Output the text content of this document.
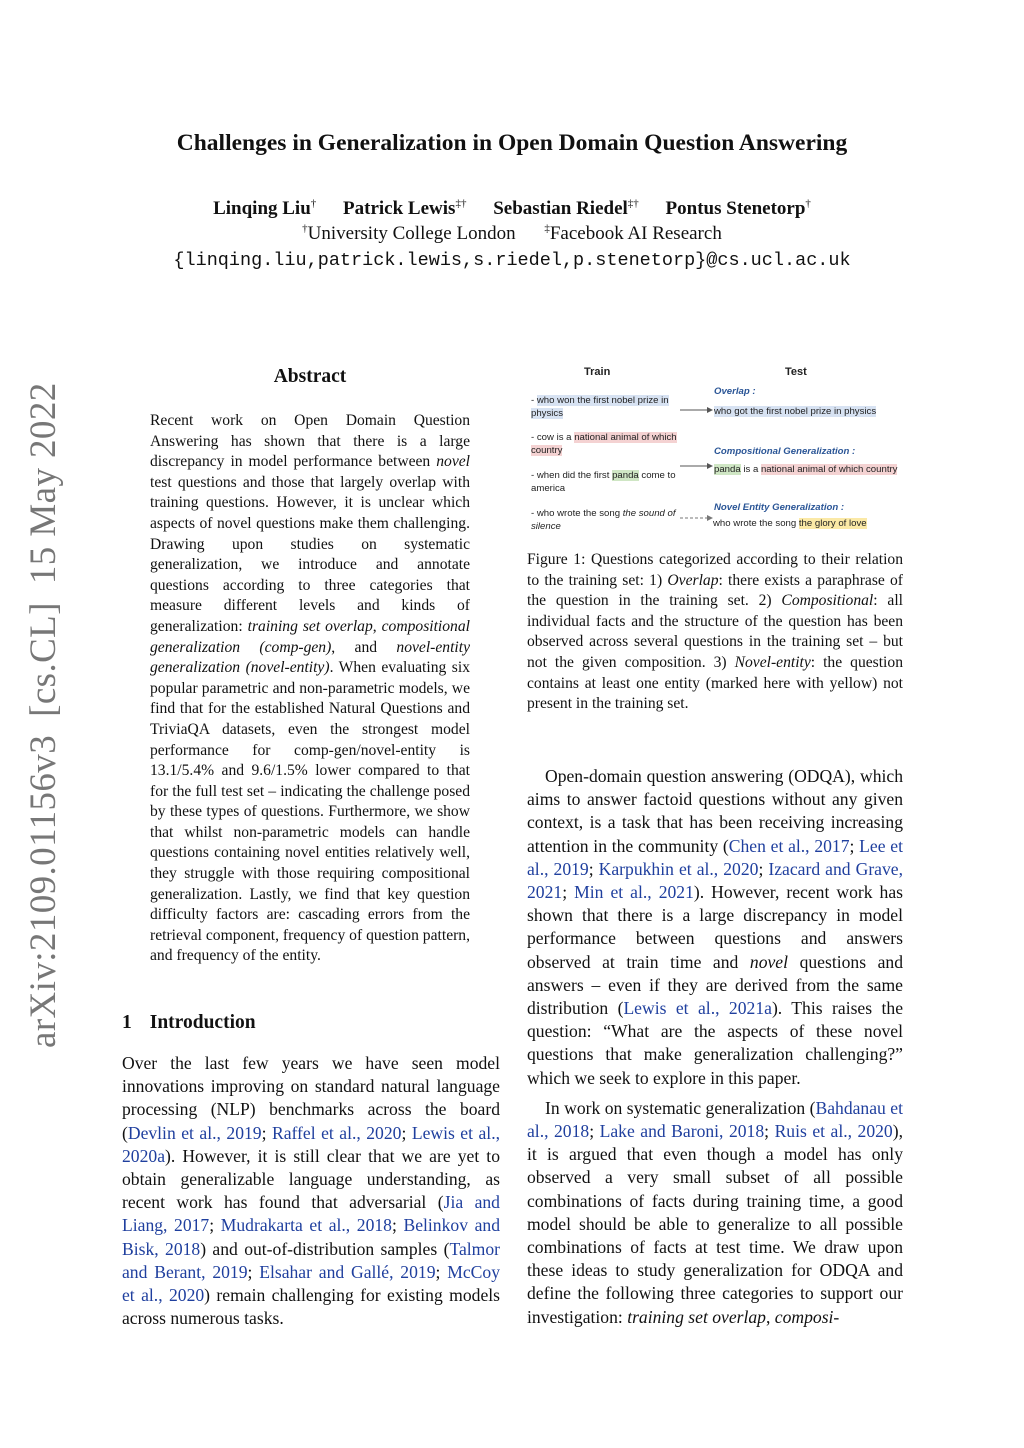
Challenges in Generalization in Open Domain Question Answering
Linqing Liu† Patrick Lewis‡† Sebastian Riedel‡† Pontus Stenetorp†
†University College London	‡Facebook AI Research
{linqing.liu,patrick.lewis,s.riedel,p.stenetorp}@cs.ucl.ac.uk
arXiv:2109.01156v3[cs.CL]15 May 2022
Abstract
Recent work on Open Domain Question Answering has shown that there is a large discrepancy in model performance between novel test questions and those that largely overlap with training questions. However, it is unclear which aspects of novel questions make them challenging. Drawing upon studies on systematic generalization, we introduce and annotate questions according to three categories that measure different levels and kinds of generalization: training set overlap, compositional generalization (comp-gen), and novel-entity generalization (novel-entity). When evaluating six popular parametric and non-parametric models, we find that for the established Natural Questions and TriviaQA datasets, even the strongest model performance for comp-gen/novel-entity is 13.1/5.4% and 9.6/1.5% lower compared to that for the full test set – indicating the challenge posed by these types of questions. Furthermore, we show that whilst non-parametric models can handle questions containing novel entities relatively well, they struggle with those requiring compositional generalization. Lastly, we find that key question difficulty factors are: cascading errors from the retrieval component, frequency of question pattern, and frequency of the entity.
1 Introduction
Over the last few years we have seen model innovations improving on standard natural language processing (NLP) benchmarks across the board (Devlin et al., 2019; Raffel et al., 2020; Lewis et al., 2020a). However, it is still clear that we are yet to obtain generalizable language understanding, as recent work has found that adversarial (Jia and Liang, 2017; Mudrakarta et al., 2018; Belinkov and Bisk, 2018) and out-of-distribution samples (Talmor and Berant, 2019; Elsahar and Gallé, 2019; McCoy et al., 2020) remain challenging for existing models across numerous tasks.
Train	Test
- who won the first nobel prize in physics
- cow is a national animal of which country
- when did the first panda come to america
- who wrote the song the sound of silence
Overlap :
who got the first nobel prize in physics
Compositional Generalization :
panda is a national animal of which country
Novel Entity Generalization :
who wrote the song the glory of love
Figure 1: Questions categorized according to their relation to the training set: 1) Overlap: there exists a paraphrase of the question in the training set. 2) Compositional: all individual facts and the structure of the question has been observed across several questions in the training set – but not the given composition. 3) Novel-entity: the question contains at least one entity (marked here with yellow) not present in the training set.

Open-domain question answering (ODQA), which aims to answer factoid questions without any given context, is a task that has been receiving increasing attention in the community (Chen et al., 2017; Lee et al., 2019; Karpukhin et al., 2020; Izacard and Grave, 2021; Min et al., 2021). However, recent work has shown that there is a large discrepancy in model performance between questions and answers observed at train time and novel questions and answers – even if they are derived from the same distribution (Lewis et al., 2021a). This raises the question: “What are the aspects of these novel questions that make generalization challenging?” which we seek to explore in this paper.

In work on systematic generalization (Bahdanau et al., 2018; Lake and Baroni, 2018; Ruis et al., 2020), it is argued that even though a model has only observed a very small subset of all possible combinations of facts during training time, a good model should be able to generalize to all possible combinations of facts at test time. We draw upon these ideas to study generalization for ODQA and define the following three categories to support our investigation: training set overlap, composi-
